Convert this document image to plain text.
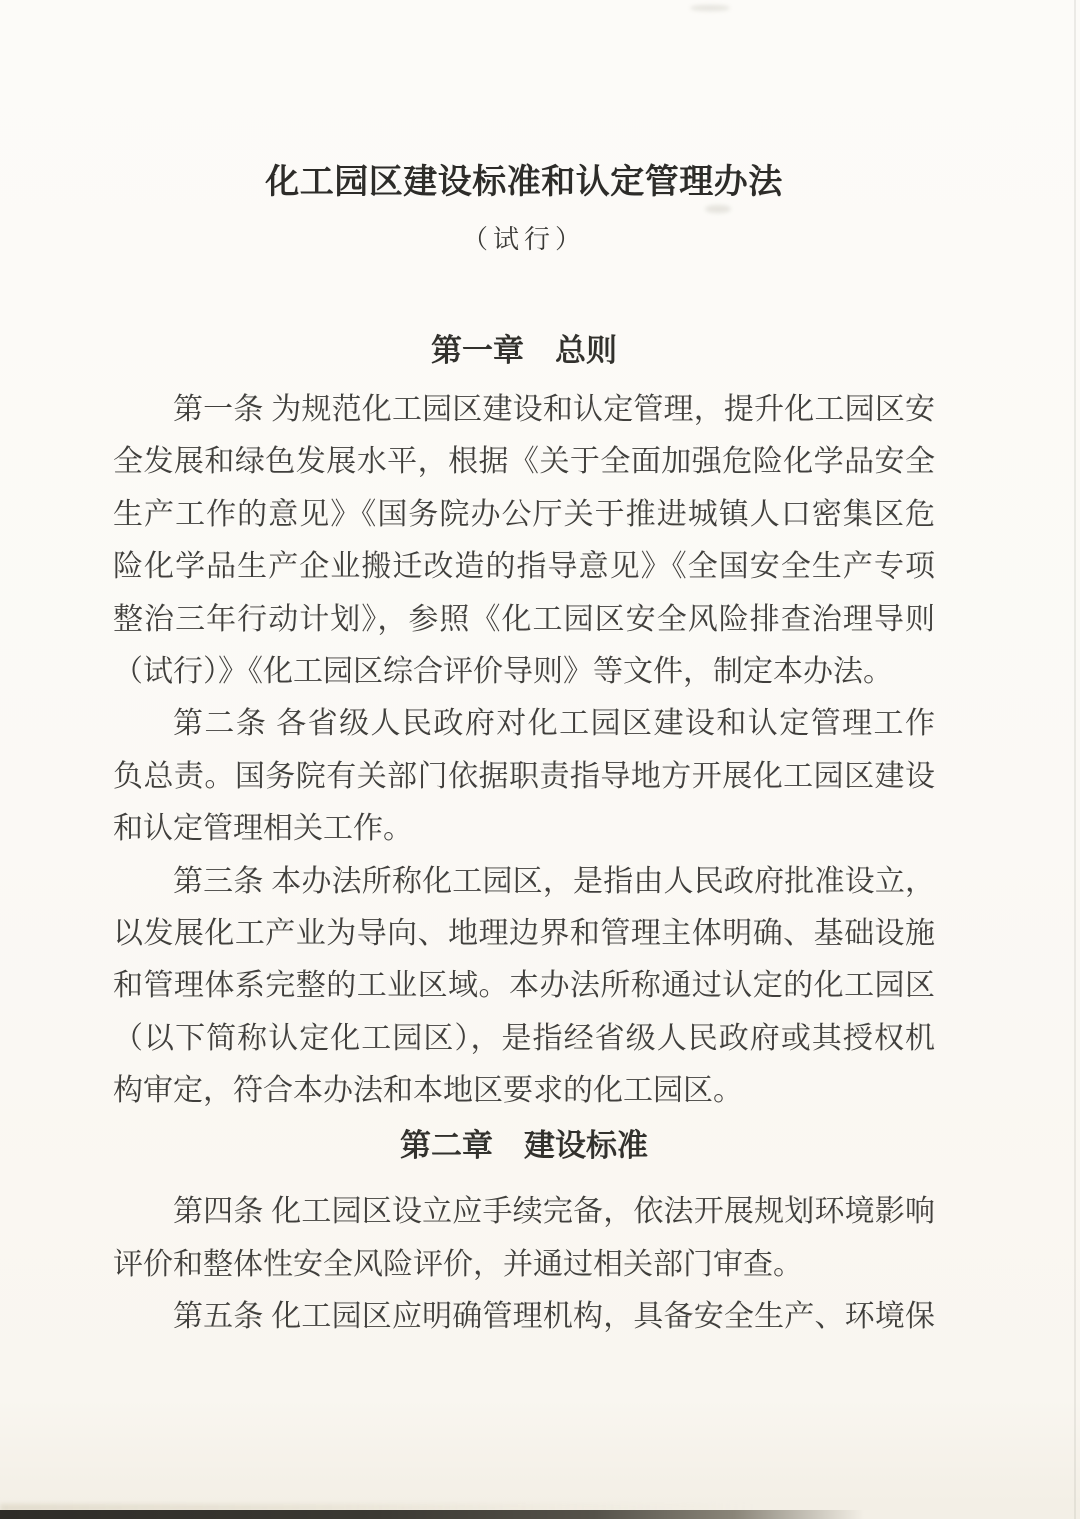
化工园区建设标准和认定管理办法
（试行）
第一章　总则
第一条 为规范化工园区建设和认定管理，提升化工园区安
全发展和绿色发展水平，根据《关于全面加强危险化学品安全
生产工作的意见》《国务院办公厅关于推进城镇人口密集区危
险化学品生产企业搬迁改造的指导意见》《全国安全生产专项
整治三年行动计划》，参照《化工园区安全风险排查治理导则
（试行）》《化工园区综合评价导则》等文件，制定本办法。
第二条 各省级人民政府对化工园区建设和认定管理工作
负总责。国务院有关部门依据职责指导地方开展化工园区建设
和认定管理相关工作。
第三条 本办法所称化工园区，是指由人民政府批准设立，
以发展化工产业为导向、地理边界和管理主体明确、基础设施
和管理体系完整的工业区域。本办法所称通过认定的化工园区
（以下简称认定化工园区），是指经省级人民政府或其授权机
构审定，符合本办法和本地区要求的化工园区。
第二章　建设标准
第四条 化工园区设立应手续完备，依法开展规划环境影响
评价和整体性安全风险评价，并通过相关部门审查。
第五条 化工园区应明确管理机构，具备安全生产、环境保
